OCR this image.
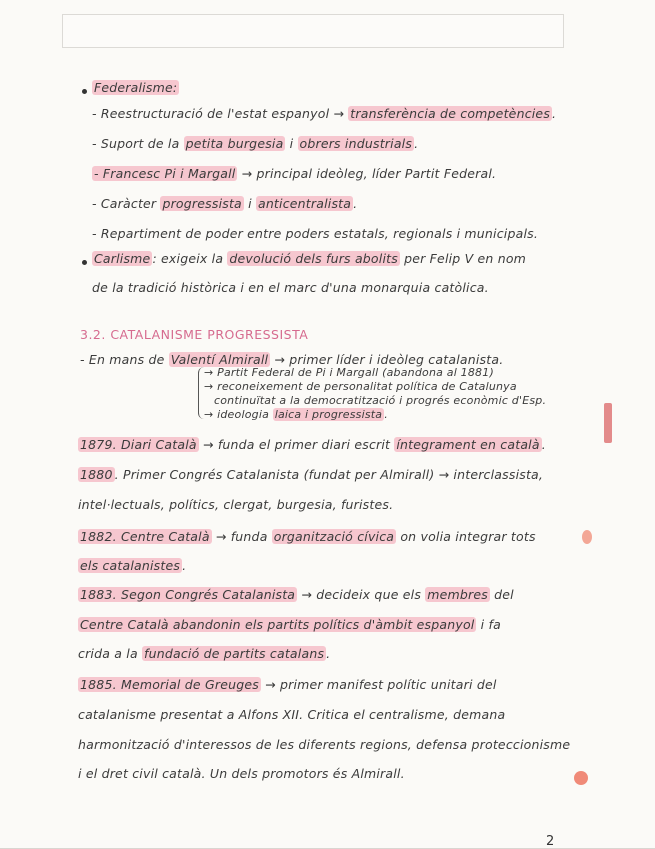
Federalisme:
- Reestructuració de l'estat espanyol → transferència de competències .
- Suport de la petita burgesia i obrers industrials .
- Francesc Pi i Margall → principal ideòleg, líder Partit Federal.
- Caràcter progressista i anticentralista .
- Repartiment de poder entre poders estatals, regionals i municipals.
Carlisme : exigeix la devolució dels furs abolits per Felip V en nom
de la tradició històrica i en el marc d'una monarquia catòlica.
3.2. CATALANISME PROGRESSISTA
- En mans de Valentí Almirall → primer líder i ideòleg catalanista.
→ Partit Federal de Pi i Margall (abandona al 1881)
→ reconeixement de personalitat política de Catalunya
continuïtat a la democratització i progrés econòmic d'Esp.
→ ideologia laica i progressista .
1879. Diari Català → funda el primer diari escrit íntegrament en català .
1880 . Primer Congrés Catalanista (fundat per Almirall) → interclassista,
intel·lectuals, polítics, clergat, burgesia, furistes.
1882. Centre Català → funda organització cívica on volia integrar tots
els catalanistes .
1883. Segon Congrés Catalanista → decideix que els membres del
Centre Català abandonin els partits polítics d'àmbit espanyol i fa
crida a la fundació de partits catalans .
1885. Memorial de Greuges → primer manifest polític unitari del
catalanisme presentat a Alfons XII. Critica el centralisme, demana
harmonització d'interessos de les diferents regions, defensa proteccionisme
i el dret civil català. Un dels promotors és Almirall.
2
